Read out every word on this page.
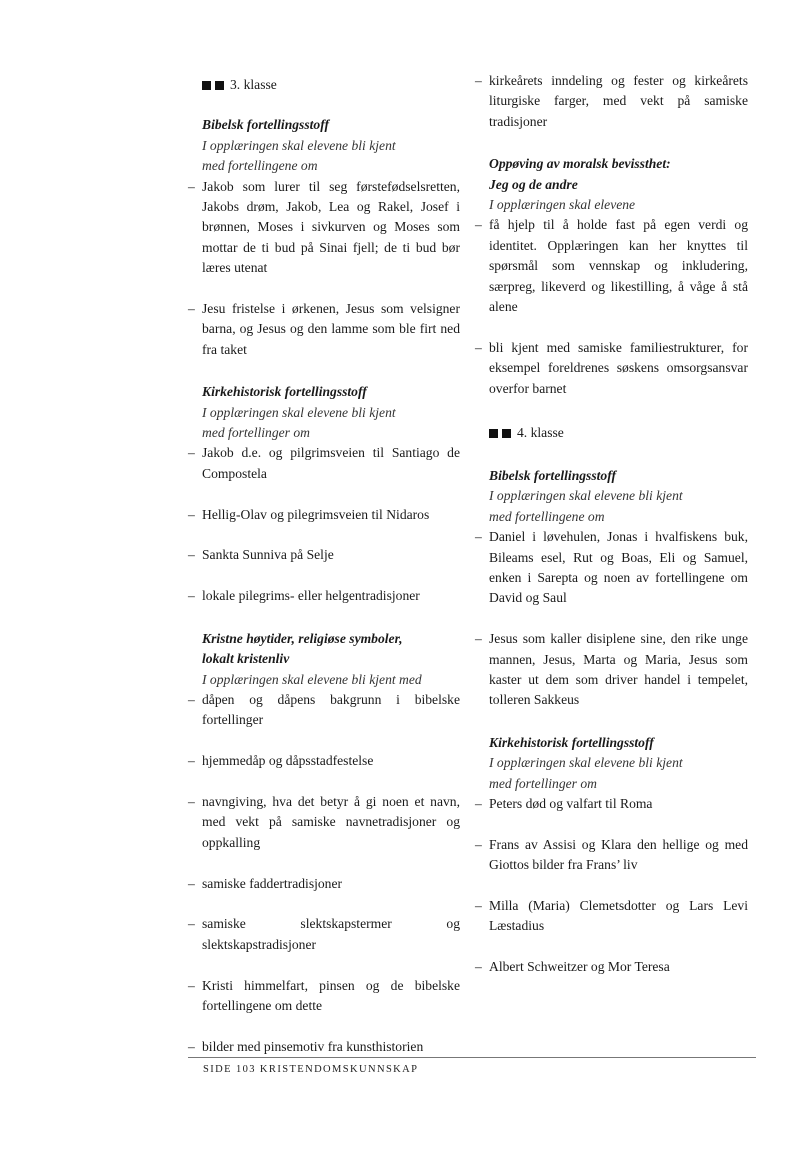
3. klasse
Bibelsk fortellingsstoff
I opplæringen skal elevene bli kjent
med fortellingene om
– Jakob som lurer til seg førstefødselsretten, Jakobs drøm, Jakob, Lea og Rakel, Josef i brønnen, Moses i sivkurven og Moses som mottar de ti bud på Sinai fjell; de ti bud bør læres utenat
– Jesu fristelse i ørkenen, Jesus som velsigner barna, og Jesus og den lamme som ble firt ned fra taket
Kirkehistorisk fortellingsstoff
I opplæringen skal elevene bli kjent
med fortellinger om
– Jakob d.e. og pilgrimsveien til Santiago de Compostela
– Hellig-Olav og pilegrimsveien til Nidaros
– Sankta Sunniva på Selje
– lokale pilegrims- eller helgentradisjoner
Kristne høytider, religiøse symboler,
lokalt kristenliv
I opplæringen skal elevene bli kjent med
– dåpen og dåpens bakgrunn i bibelske fortellinger
– hjemmedåp og dåpsstadfestelse
– navngiving, hva det betyr å gi noen et navn, med vekt på samiske navnetradisjoner og oppkalling
– samiske faddertradisjoner
– samiske slektskapstermer og slektskapstradisjoner
– Kristi himmelfart, pinsen og de bibelske fortellingene om dette
– bilder med pinsemotiv fra kunsthistorien
– kirkeårets inndeling og fester og kirkeårets liturgiske farger, med vekt på samiske tradisjoner
Oppøving av moralsk bevissthet:
Jeg og de andre
I opplæringen skal elevene
– få hjelp til å holde fast på egen verdi og identitet. Opplæringen kan her knyttes til spørsmål som vennskap og inkludering, særpreg, likeverd og likestilling, å våge å stå alene
– bli kjent med samiske familiestrukturer, for eksempel foreldrenes søskens omsorgsansvar overfor barnet
4. klasse
Bibelsk fortellingsstoff
I opplæringen skal elevene bli kjent
med fortellingene om
– Daniel i løvehulen, Jonas i hvalfiskens buk, Bileams esel, Rut og Boas, Eli og Samuel, enken i Sarepta og noen av fortellingene om David og Saul
– Jesus som kaller disiplene sine, den rike unge mannen, Jesus, Marta og Maria, Jesus som kaster ut dem som driver handel i tempelet, tolleren Sakkeus
Kirkehistorisk fortellingsstoff
I opplæringen skal elevene bli kjent
med fortellinger om
– Peters død og valfart til Roma
– Frans av Assisi og Klara den hellige og med Giottos bilder fra Frans’ liv
– Milla (Maria) Clemetsdotter og Lars Levi Læstadius
– Albert Schweitzer og Mor Teresa
SIDE 103 KRISTENDOMSKUNNSKAP
